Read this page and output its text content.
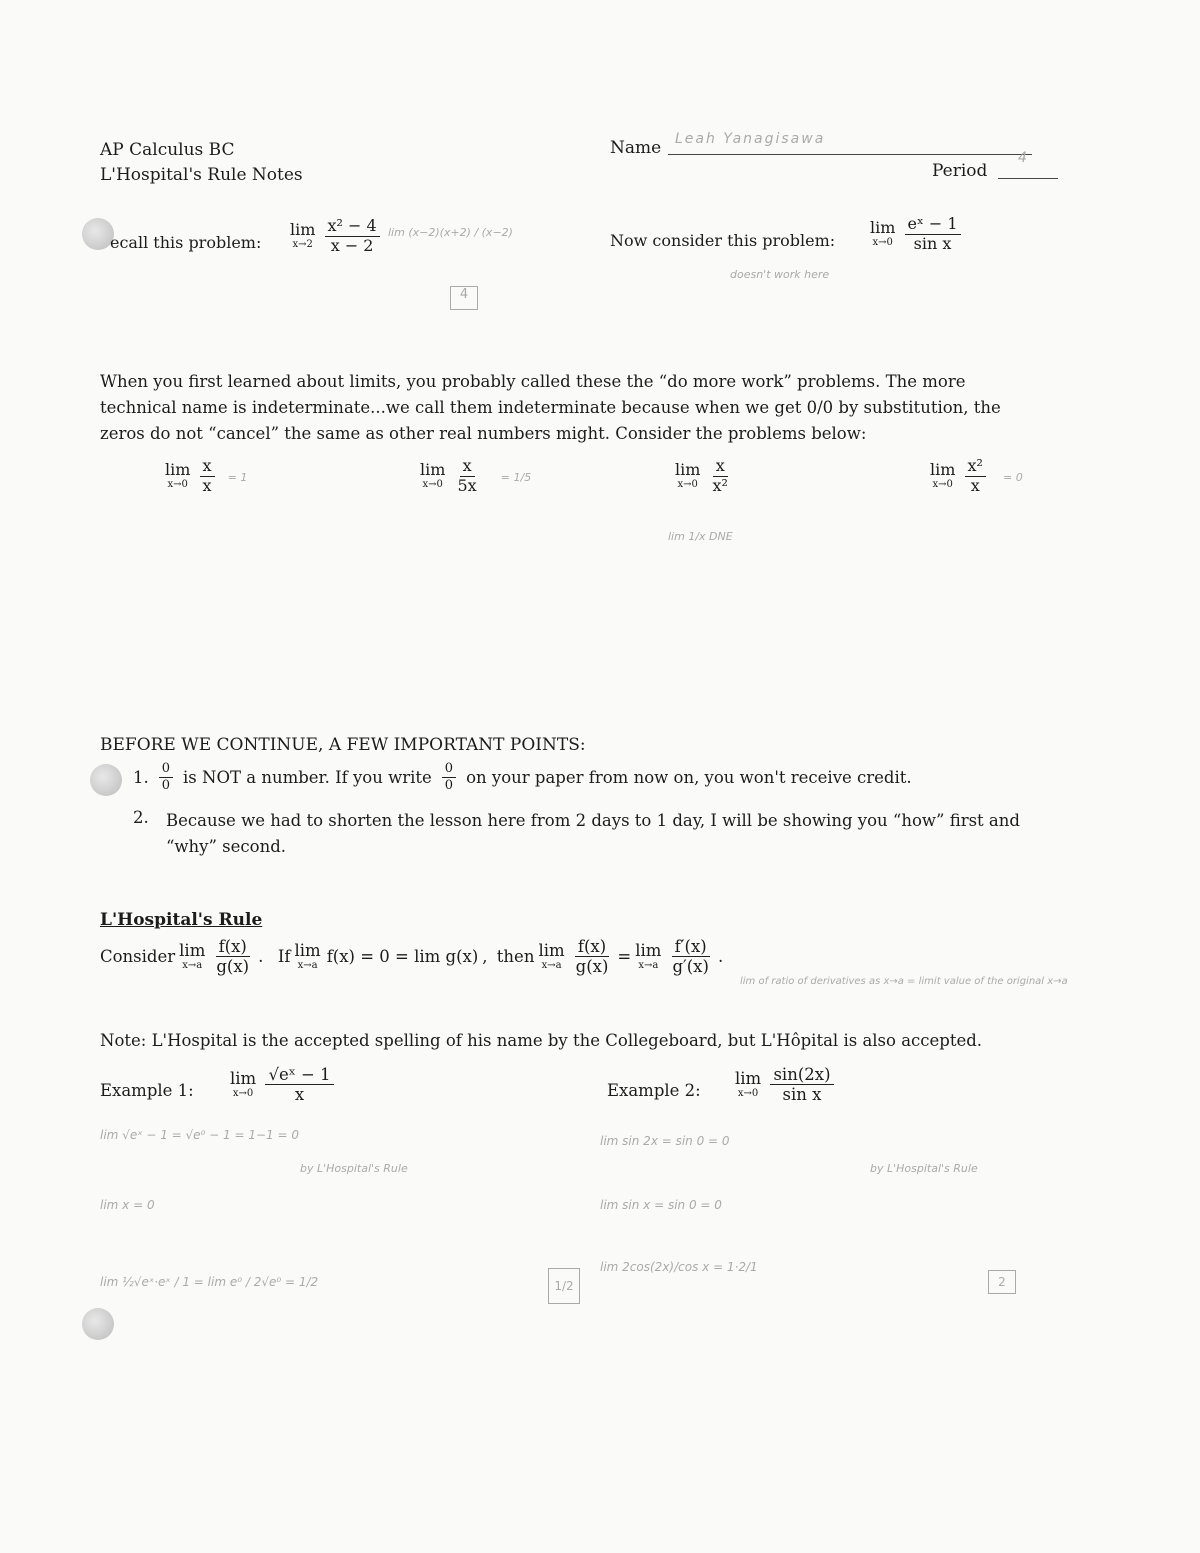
AP Calculus BC
L'Hospital's Rule Notes
Name Leah Yanagisawa
Period
4
ecall this problem:
lim
x→2
$\frac{\text{x² − 4}}{x - 2}$ lim (x−2)(x+2) / (x−2)
4
Now consider this problem:
lim
x→0
$\frac{\text{eˣ − 1}}{\text{sin x}}$
doesn't work here
When you first learned about limits, you probably called these the “do more work” problems. The more technical name is indeterminate...we call them indeterminate because when we get 0/0 by substitution, the zeros do not “cancel” the same as other real numbers might. Consider the problems below:
lim
x→0
$\frac{x}{x} = 1$	lim
x→0
$\frac{x}{5x} = 1/5$	lim
x→0
$\frac{x}{\text{x²}}$
lim 1/x DNE
lim
x→0
$\frac{\text{x²}}{x} = 0$
BEFORE WE CONTINUE, A FEW IMPORTANT POINTS:
1. $\frac{0}{0}$ is NOT a number. If you write $\frac{0}{0}$ on your paper from now on, you won't receive credit.
2. Because we had to shorten the lesson here from 2 days to 1 day, I will be showing you “how” first and “why” second.
L'Hospital's Rule
Consider lim
$x\to a \frac{f(x)}{g(x)}$ . If lim
x→a f(x) = 0 = lim g(x) , then lim
$x\to a \frac{f(x)}{g(x)} = \lim$
$x\to a \frac{f'(x)}{g'(x)}$ .
lim of ratio of derivatives as x→a = limit value of the original x→a
Note: L'Hospital is the accepted spelling of his name by the Collegeboard, but L'Hôpital is also accepted.
Example 1:
lim
x→0
$\frac{\text{√eˣ − 1}}{x}$
lim √eˣ − 1 = √e⁰ − 1 = 1−1 = 0
lim x = 0
by L'Hospital's Rule
lim ½√eˣ·eˣ / 1 = lim e⁰ / 2√e⁰ = 1/2	1/2
Example 2:
lim
x→0
$\frac{\sin(2x)}{\text{sin x}}$
lim sin 2x = sin 0 = 0
lim sin x = sin 0 = 0
by L'Hospital's Rule
lim 2cos(2x)/cos x = 1·2/1
2
